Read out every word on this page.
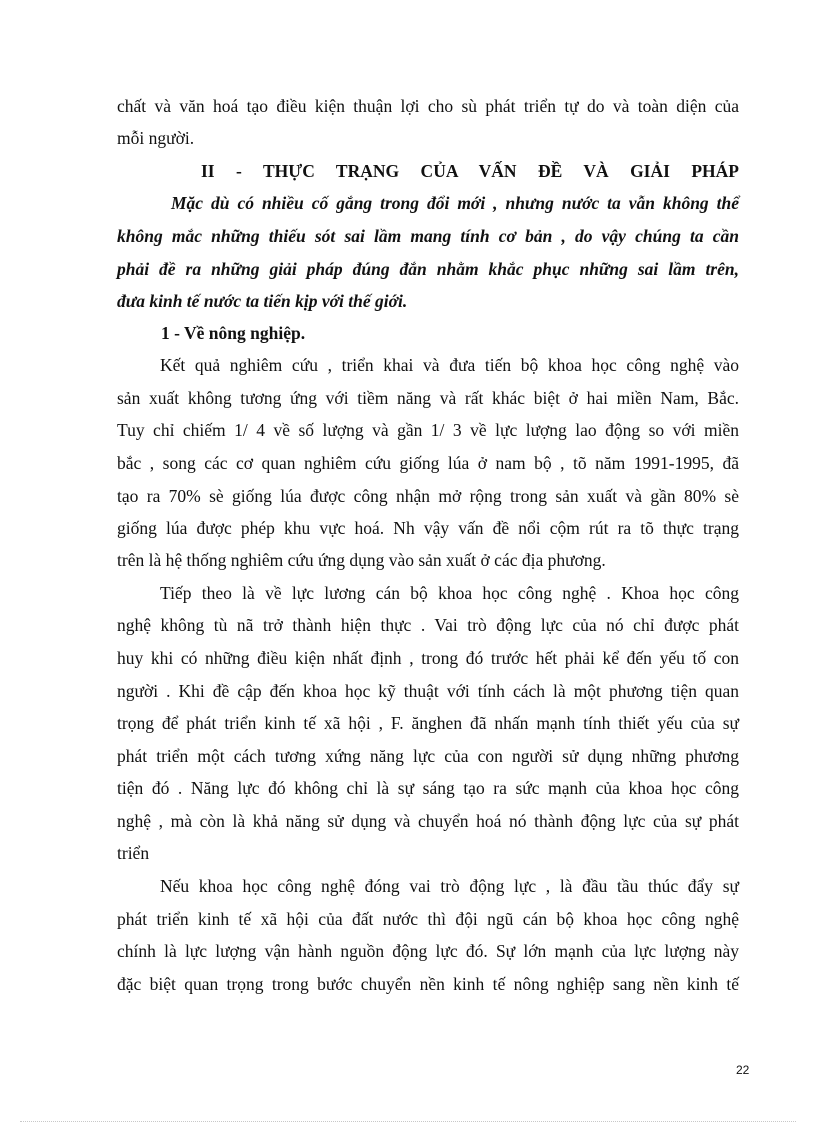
chất và văn hoá tạo điều kiện thuận lợi cho sù phát triển tự do và toàn diện của
mỗi người.
II - THỰC TRẠNG CỦA VẤN ĐỀ VÀ GIẢI PHÁP
Mặc dù có nhiều cố gắng trong đổi mới , nhưng nước ta vẫn không thể
không mắc những thiếu sót sai lầm mang tính cơ bản , do vậy chúng ta cần
phải đề ra những giải pháp đúng đắn nhằm khắc phục những sai lầm trên,
đưa kinh tế nước ta tiến kịp với thế giới.
1 - Về nông nghiệp.
Kết quả nghiêm cứu , triển khai và đưa tiến bộ khoa học công nghệ vào
sản xuất không tương ứng với tiềm năng và rất khác biệt ở hai miền Nam, Bắc.
Tuy chỉ chiếm 1/ 4 về số lượng và gần 1/ 3 về lực lượng lao động so với miền
bắc , song các cơ quan nghiêm cứu giống lúa ở nam bộ , tõ năm 1991-1995, đã
tạo ra 70% sè giống lúa được công nhận mở rộng trong sản xuất và gần 80% sè
giống lúa được phép khu vực hoá. Nh vậy vấn đề nổi cộm rút ra tõ thực trạng
trên là hệ thống nghiêm cứu ứng dụng vào sản xuất ở các địa phương.
Tiếp theo là về lực lương cán bộ khoa học công nghệ . Khoa học công
nghệ không tù nã trở thành hiện thực . Vai trò động lực của nó chỉ được phát
huy khi có những điều kiện nhất định , trong đó trước hết phải kể đến yếu tố con
người . Khi đề cập đến khoa học kỹ thuật với tính cách là một phương tiện quan
trọng để phát triển kinh tế xã hội , F. ănghen đã nhấn mạnh tính thiết yếu của sự
phát triển một cách tương xứng năng lực của con người sử dụng những phương
tiện đó . Năng lực đó không chỉ là sự sáng tạo ra sức mạnh của khoa học công
nghệ , mà còn là khả năng sử dụng và chuyển hoá nó thành động lực của sự phát
triển
Nếu khoa học công nghệ đóng vai trò động lực , là đầu tầu thúc đẩy sự
phát triển kinh tế xã hội của đất nước thì đội ngũ cán bộ khoa học công nghệ
chính là lực lượng vận hành nguồn động lực đó. Sự lớn mạnh của lực lượng này
đặc biệt quan trọng trong bước chuyển nền kinh tế nông nghiệp sang nền kinh tế
22
